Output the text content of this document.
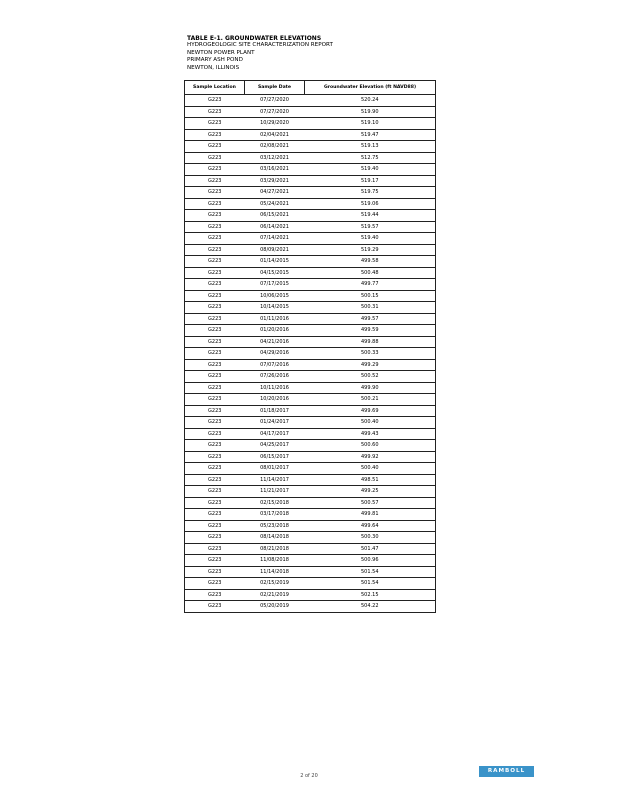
TABLE E-1. GROUNDWATER ELEVATIONS
HYDROGEOLOGIC SITE CHARACTERIZATION REPORT
NEWTON POWER PLANT
PRIMARY ASH POND
NEWTON, ILLINOIS
Sample Location	Sample Date	Groundwater Elevation (ft NAVD88)
G223	07/27/2020	520.24
G223	07/27/2020	519.90
G223	10/29/2020	519.10
G223	02/04/2021	519.47
G223	02/08/2021	519.13
G223	03/12/2021	512.75
G223	03/16/2021	519.40
G223	03/29/2021	519.17
G223	04/27/2021	519.75
G223	05/24/2021	519.06
G223	06/15/2021	519.44
G223	06/14/2021	519.57
G223	07/14/2021	519.40
G223	08/09/2021	519.29
G223	01/14/2015	499.58
G223	04/15/2015	500.48
G223	07/17/2015	499.77
G223	10/06/2015	500.15
G223	10/14/2015	500.31
G223	01/11/2016	499.57
G223	01/20/2016	499.59
G223	04/21/2016	499.88
G223	04/29/2016	500.33
G223	07/07/2016	499.29
G223	07/26/2016	500.52
G223	10/11/2016	499.90
G223	10/20/2016	500.21
G223	01/18/2017	499.69
G223	01/24/2017	500.40
G223	04/17/2017	499.43
G223	04/25/2017	500.60
G223	06/15/2017	499.92
G223	08/01/2017	500.40
G223	11/14/2017	498.51
G223	11/21/2017	499.25
G223	02/15/2018	500.57
G223	03/17/2018	499.81
G223	05/23/2018	499.64
G223	08/14/2018	500.30
G223	08/21/2018	501.47
G223	11/08/2018	500.96
G223	11/14/2018	501.54
G223	02/15/2019	501.54
G223	02/21/2019	502.15
G223	05/20/2019	504.22
2 of 20
RAMBOLL
